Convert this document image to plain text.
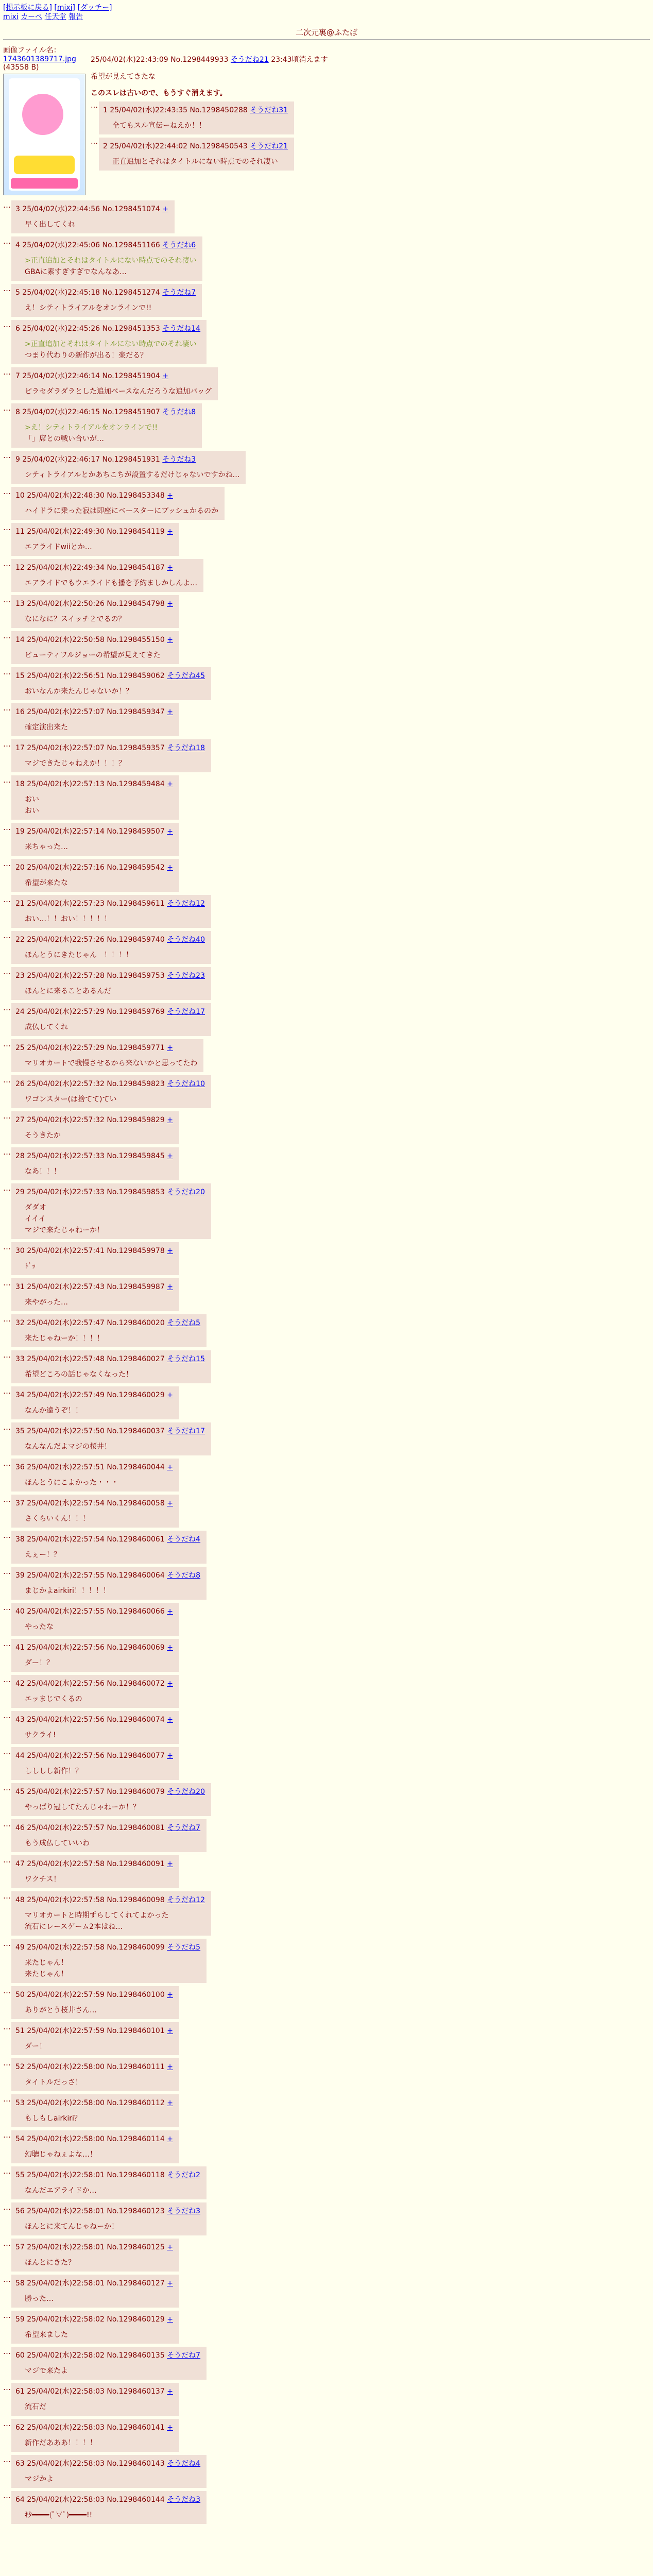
[掲示板に戻る] [mixi] [ダッチー]
mixi カーペ 任天堂 報告
二次元裏@ふたば
画像ファイル名： 1743601389717.jpg (43558 B)
25/04/02(水)22:43:09 No.1298449933 そうだね21 23:43頃消えます
希望が見えてきたな
このスレは古いので、もうすぐ消えます。
…
1 25/04/02(水)22:43:35 No.1298450288 そうだね31
全てもスル宣伝ーねえか！！
…
2 25/04/02(水)22:44:02 No.1298450543 そうだね21
正直追加とそれはタイトルにない時点でのそれ凄い
… 3 25/04/02(水)22:44:56 No.1298451074 +
早く出してくれ
… 4 25/04/02(水)22:45:06 No.1298451166 そうだね6
>正直追加とそれはタイトルにない時点でのそれ凄い
GBAに素すぎすぎでなんなあ…
… 5 25/04/02(水)22:45:18 No.1298451274 そうだね7
え！シティトライアルをオンラインで!!
… 6 25/04/02(水)22:45:26 No.1298451353 そうだね14
>正直追加とそれはタイトルにない時点でのそれ凄い
つまり代わりの新作が出る！楽だる？
… 7 25/04/02(水)22:46:14 No.1298451904 +
ピラセダラダラとした追加ベースなんだろうな追加バッグ
… 8 25/04/02(水)22:46:15 No.1298451907 そうだね8
>え！シティトライアルをオンラインで!!
「」席との戦い合いが…
… 9 25/04/02(水)22:46:17 No.1298451931 そうだね3
シティトライアルとかあちこちが設置するだけじゃないですかね…
… 10 25/04/02(水)22:48:30 No.1298453348 +
ハイドラに乗った寂は即座にベースターにプッシュかるのか
… 11 25/04/02(水)22:49:30 No.1298454119 +
エアライドwiiとか…
… 12 25/04/02(水)22:49:34 No.1298454187 +
エアライドでもウエライドも播を予約ましかしんよ…
… 13 25/04/02(水)22:50:26 No.1298454798 +
なになに？スイッチ２でるの？
… 14 25/04/02(水)22:50:58 No.1298455150 +
ビューティフルジョーの希望が見えてきた
… 15 25/04/02(水)22:56:51 No.1298459062 そうだね45
おいなんか来たんじゃないか！？
… 16 25/04/02(水)22:57:07 No.1298459347 +
確定演出来た
… 17 25/04/02(水)22:57:07 No.1298459357 そうだね18
マジできたじゃねえか！！！？
… 18 25/04/02(水)22:57:13 No.1298459484 +
おい
おい
… 19 25/04/02(水)22:57:14 No.1298459507 +
来ちゃった…
… 20 25/04/02(水)22:57:16 No.1298459542 +
希望が来たな
… 21 25/04/02(水)22:57:23 No.1298459611 そうだね12
おい…！！おい！！！！！
… 22 25/04/02(水)22:57:26 No.1298459740 そうだね40
ほんとうにきたじゃん　！！！！
… 23 25/04/02(水)22:57:28 No.1298459753 そうだね23
ほんとに来ることあるんだ
… 24 25/04/02(水)22:57:29 No.1298459769 そうだね17
成仏してくれ
… 25 25/04/02(水)22:57:29 No.1298459771 +
マリオカートで我慢させるから来ないかと思ってたわ
… 26 25/04/02(水)22:57:32 No.1298459823 そうだね10
ワゴンスター(は捨てて)てい
… 27 25/04/02(水)22:57:32 No.1298459829 +
そうきたか
… 28 25/04/02(水)22:57:33 No.1298459845 +
なあ！！！
… 29 25/04/02(水)22:57:33 No.1298459853 そうだね20
ダダオ
イイイ
マジで来たじゃねーか！
… 30 25/04/02(水)22:57:41 No.1298459978 +
ﾄﾞｯ
… 31 25/04/02(水)22:57:43 No.1298459987 +
来やがった…
… 32 25/04/02(水)22:57:47 No.1298460020 そうだね5
来たじゃねーか！！！！
… 33 25/04/02(水)22:57:48 No.1298460027 そうだね15
希望どころの話じゃなくなった！
… 34 25/04/02(水)22:57:49 No.1298460029 +
なんか違うぞ！！
… 35 25/04/02(水)22:57:50 No.1298460037 そうだね17
なんなんだよマジの桜井！
… 36 25/04/02(水)22:57:51 No.1298460044 +
ほんとうにこよかった・・・
… 37 25/04/02(水)22:57:54 No.1298460058 +
さくらいくん！！！
… 38 25/04/02(水)22:57:54 No.1298460061 そうだね4
えぇー！？
… 39 25/04/02(水)22:57:55 No.1298460064 そうだね8
まじかよairkiri！！！！！
… 40 25/04/02(水)22:57:55 No.1298460066 +
やったな
… 41 25/04/02(水)22:57:56 No.1298460069 +
ダー！？
… 42 25/04/02(水)22:57:56 No.1298460072 +
エッまじでくるの
… 43 25/04/02(水)22:57:56 No.1298460074 +
サクライ!
… 44 25/04/02(水)22:57:56 No.1298460077 +
しししし新作！？
… 45 25/04/02(水)22:57:57 No.1298460079 そうだね20
やっぱり冠してたんじゃねーか！？
… 46 25/04/02(水)22:57:57 No.1298460081 そうだね7
もう成仏していいわ
… 47 25/04/02(水)22:57:58 No.1298460091 +
ワクチス！
… 48 25/04/02(水)22:57:58 No.1298460098 そうだね12
マリオカートと時期ずらしてくれてよかった
流石にレースゲーム2本はね…
… 49 25/04/02(水)22:57:58 No.1298460099 そうだね5
来たじゃん！
来たじゃん！
… 50 25/04/02(水)22:57:59 No.1298460100 +
ありがとう桜井さん…
… 51 25/04/02(水)22:57:59 No.1298460101 +
ダー！
… 52 25/04/02(水)22:58:00 No.1298460111 +
タイトルだっさ！
… 53 25/04/02(水)22:58:00 No.1298460112 +
もしもしairkiri？
… 54 25/04/02(水)22:58:00 No.1298460114 +
幻聴じゃねぇよな…！
… 55 25/04/02(水)22:58:01 No.1298460118 そうだね2
なんだエアライドか…
… 56 25/04/02(水)22:58:01 No.1298460123 そうだね3
ほんとに来てんじゃねーか！
… 57 25/04/02(水)22:58:01 No.1298460125 +
ほんとにきた？
… 58 25/04/02(水)22:58:01 No.1298460127 +
勝った…
… 59 25/04/02(水)22:58:02 No.1298460129 +
希望来ました
… 60 25/04/02(水)22:58:02 No.1298460135 そうだね7
マジで来たよ
… 61 25/04/02(水)22:58:03 No.1298460137 +
流石だ
… 62 25/04/02(水)22:58:03 No.1298460141 +
新作だあああ！！！！
… 63 25/04/02(水)22:58:03 No.1298460143 そうだね4
マジかよ
… 64 25/04/02(水)22:58:03 No.1298460144 そうだね3
ｷﾀ━━━━(ﾟ∀ﾟ)━━━━!!
